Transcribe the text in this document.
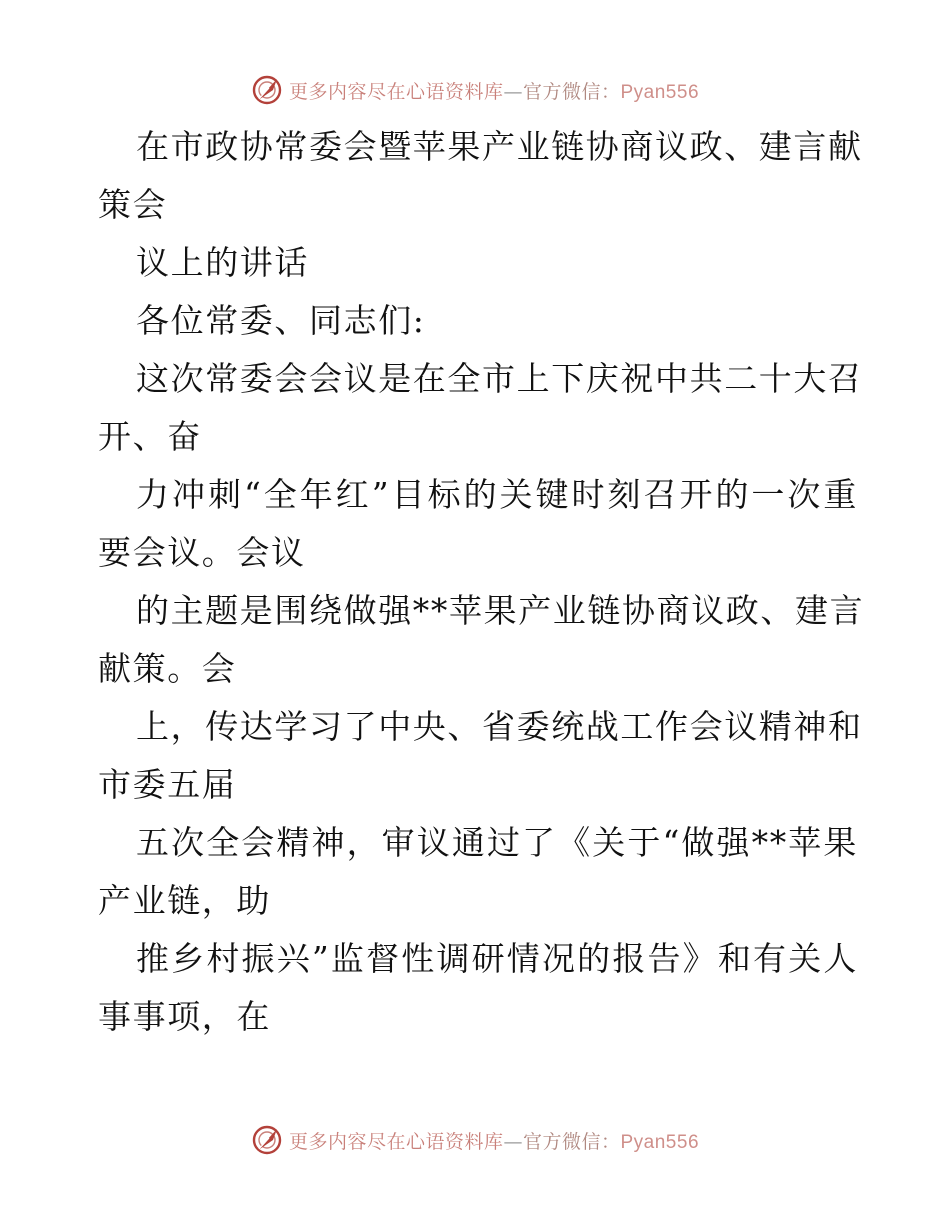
更多内容尽在心语资料库—官方微信：Pyan556
在市政协常委会暨苹果产业链协商议政、建言献
策会
议上的讲话
各位常委、同志们:
这次常委会会议是在全市上下庆祝中共二十大召
开、奋
力冲刺“全年红”目标的关键时刻召开的一次重
要会议。会议
的主题是围绕做强**苹果产业链协商议政、建言
献策。会
上，传达学习了中央、省委统战工作会议精神和
市委五届
五次全会精神，审议通过了《关于“做强**苹果
产业链，助
推乡村振兴”监督性调研情况的报告》和有关人
事事项，在
更多内容尽在心语资料库—官方微信：Pyan556
